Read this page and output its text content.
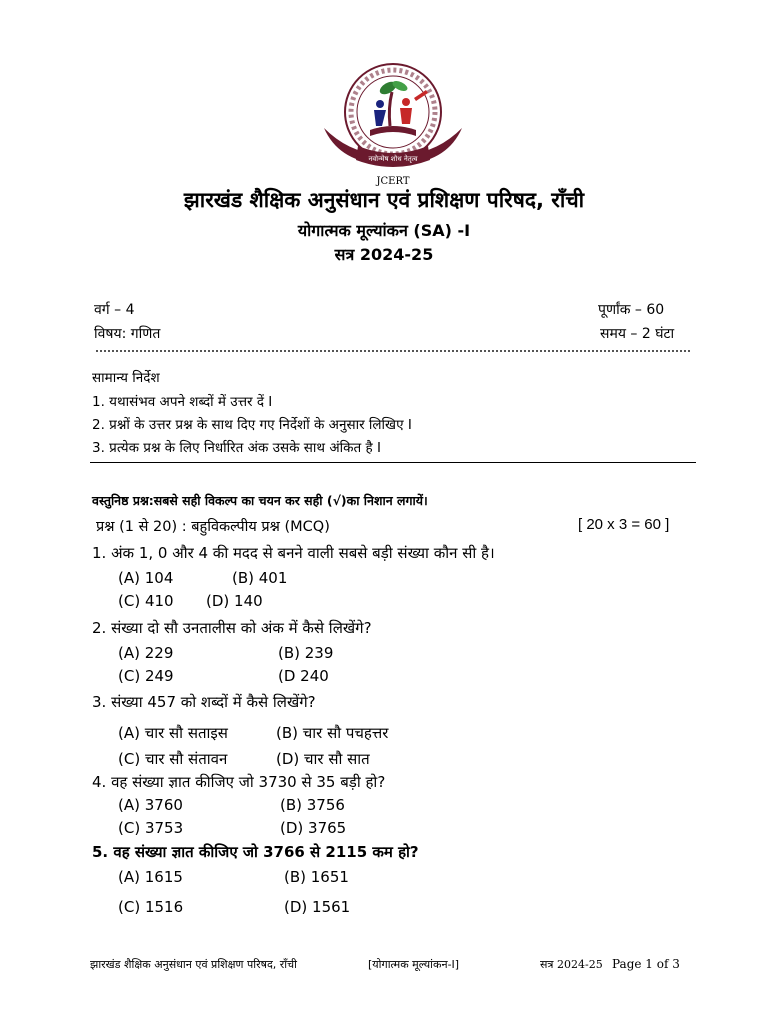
नवोन्मेष शोध नेतृत्व
JCERT
झारखंड शैक्षिक अनुसंधान एवं प्रशिक्षण परिषद, राँची
योगात्मक मूल्यांकन (SA) -I
सत्र 2024-25
वर्ग – 4
विषय: गणित
पूर्णांक – 60
समय – 2 घंटा
सामान्य निर्देश
1. यथासंभव अपने शब्दों में उत्तर दें I
2. प्रश्नों के उत्तर प्रश्न के साथ दिए गए निर्देशों के अनुसार लिखिए I
3. प्रत्येक प्रश्न के लिए निर्धारित अंक उसके साथ अंकित है I
वस्तुनिष्ठ प्रश्न:सबसे सही विकल्प का चयन कर सही (√)का निशान लगायें।
प्रश्न (1 से 20) : बहुविकल्पीय प्रश्न (MCQ)	[ 20 x 3 = 60 ]
1. अंक 1, 0 और 4 की मदद से बनने वाली सबसे बड़ी संख्या कौन सी है।
(A) 104	(B) 401
(C) 410 (D) 140
2. संख्या दो सौ उनतालीस को अंक में कैसे लिखेंगे?
(A) 229	(B) 239
(C) 249	(D 240
3. संख्या 457 को शब्दों में कैसे लिखेंगे?
(A) चार सौ सताइस	(B) चार सौ पचहत्तर
(C) चार सौ संतावन	(D) चार सौ सात
4. वह संख्या ज्ञात कीजिए जो 3730 से 35 बड़ी हो?
(A) 3760	(B) 3756
(C) 3753	(D) 3765
5. वह संख्या ज्ञात कीजिए जो 3766 से 2115 कम हो?
(A) 1615	(B) 1651
(C) 1516	(D) 1561
झारखंड शैक्षिक अनुसंधान एवं प्रशिक्षण परिषद, राँची	[योगात्मक मूल्यांकन-I]	सत्र 2024-25 Page 1 of 3
